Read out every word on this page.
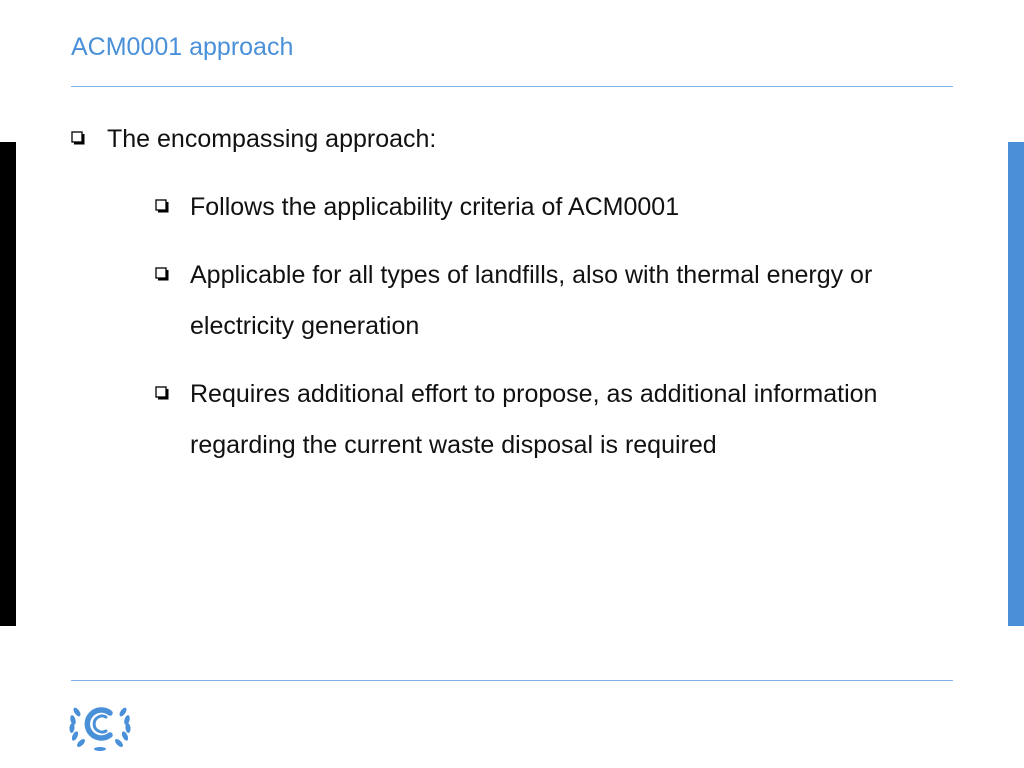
ACM0001 approach
The encompassing approach:
Follows the applicability criteria of ACM0001
Applicable for all types of landfills, also with thermal energy or electricity generation
Requires additional effort to propose, as additional information regarding the current waste disposal is required
